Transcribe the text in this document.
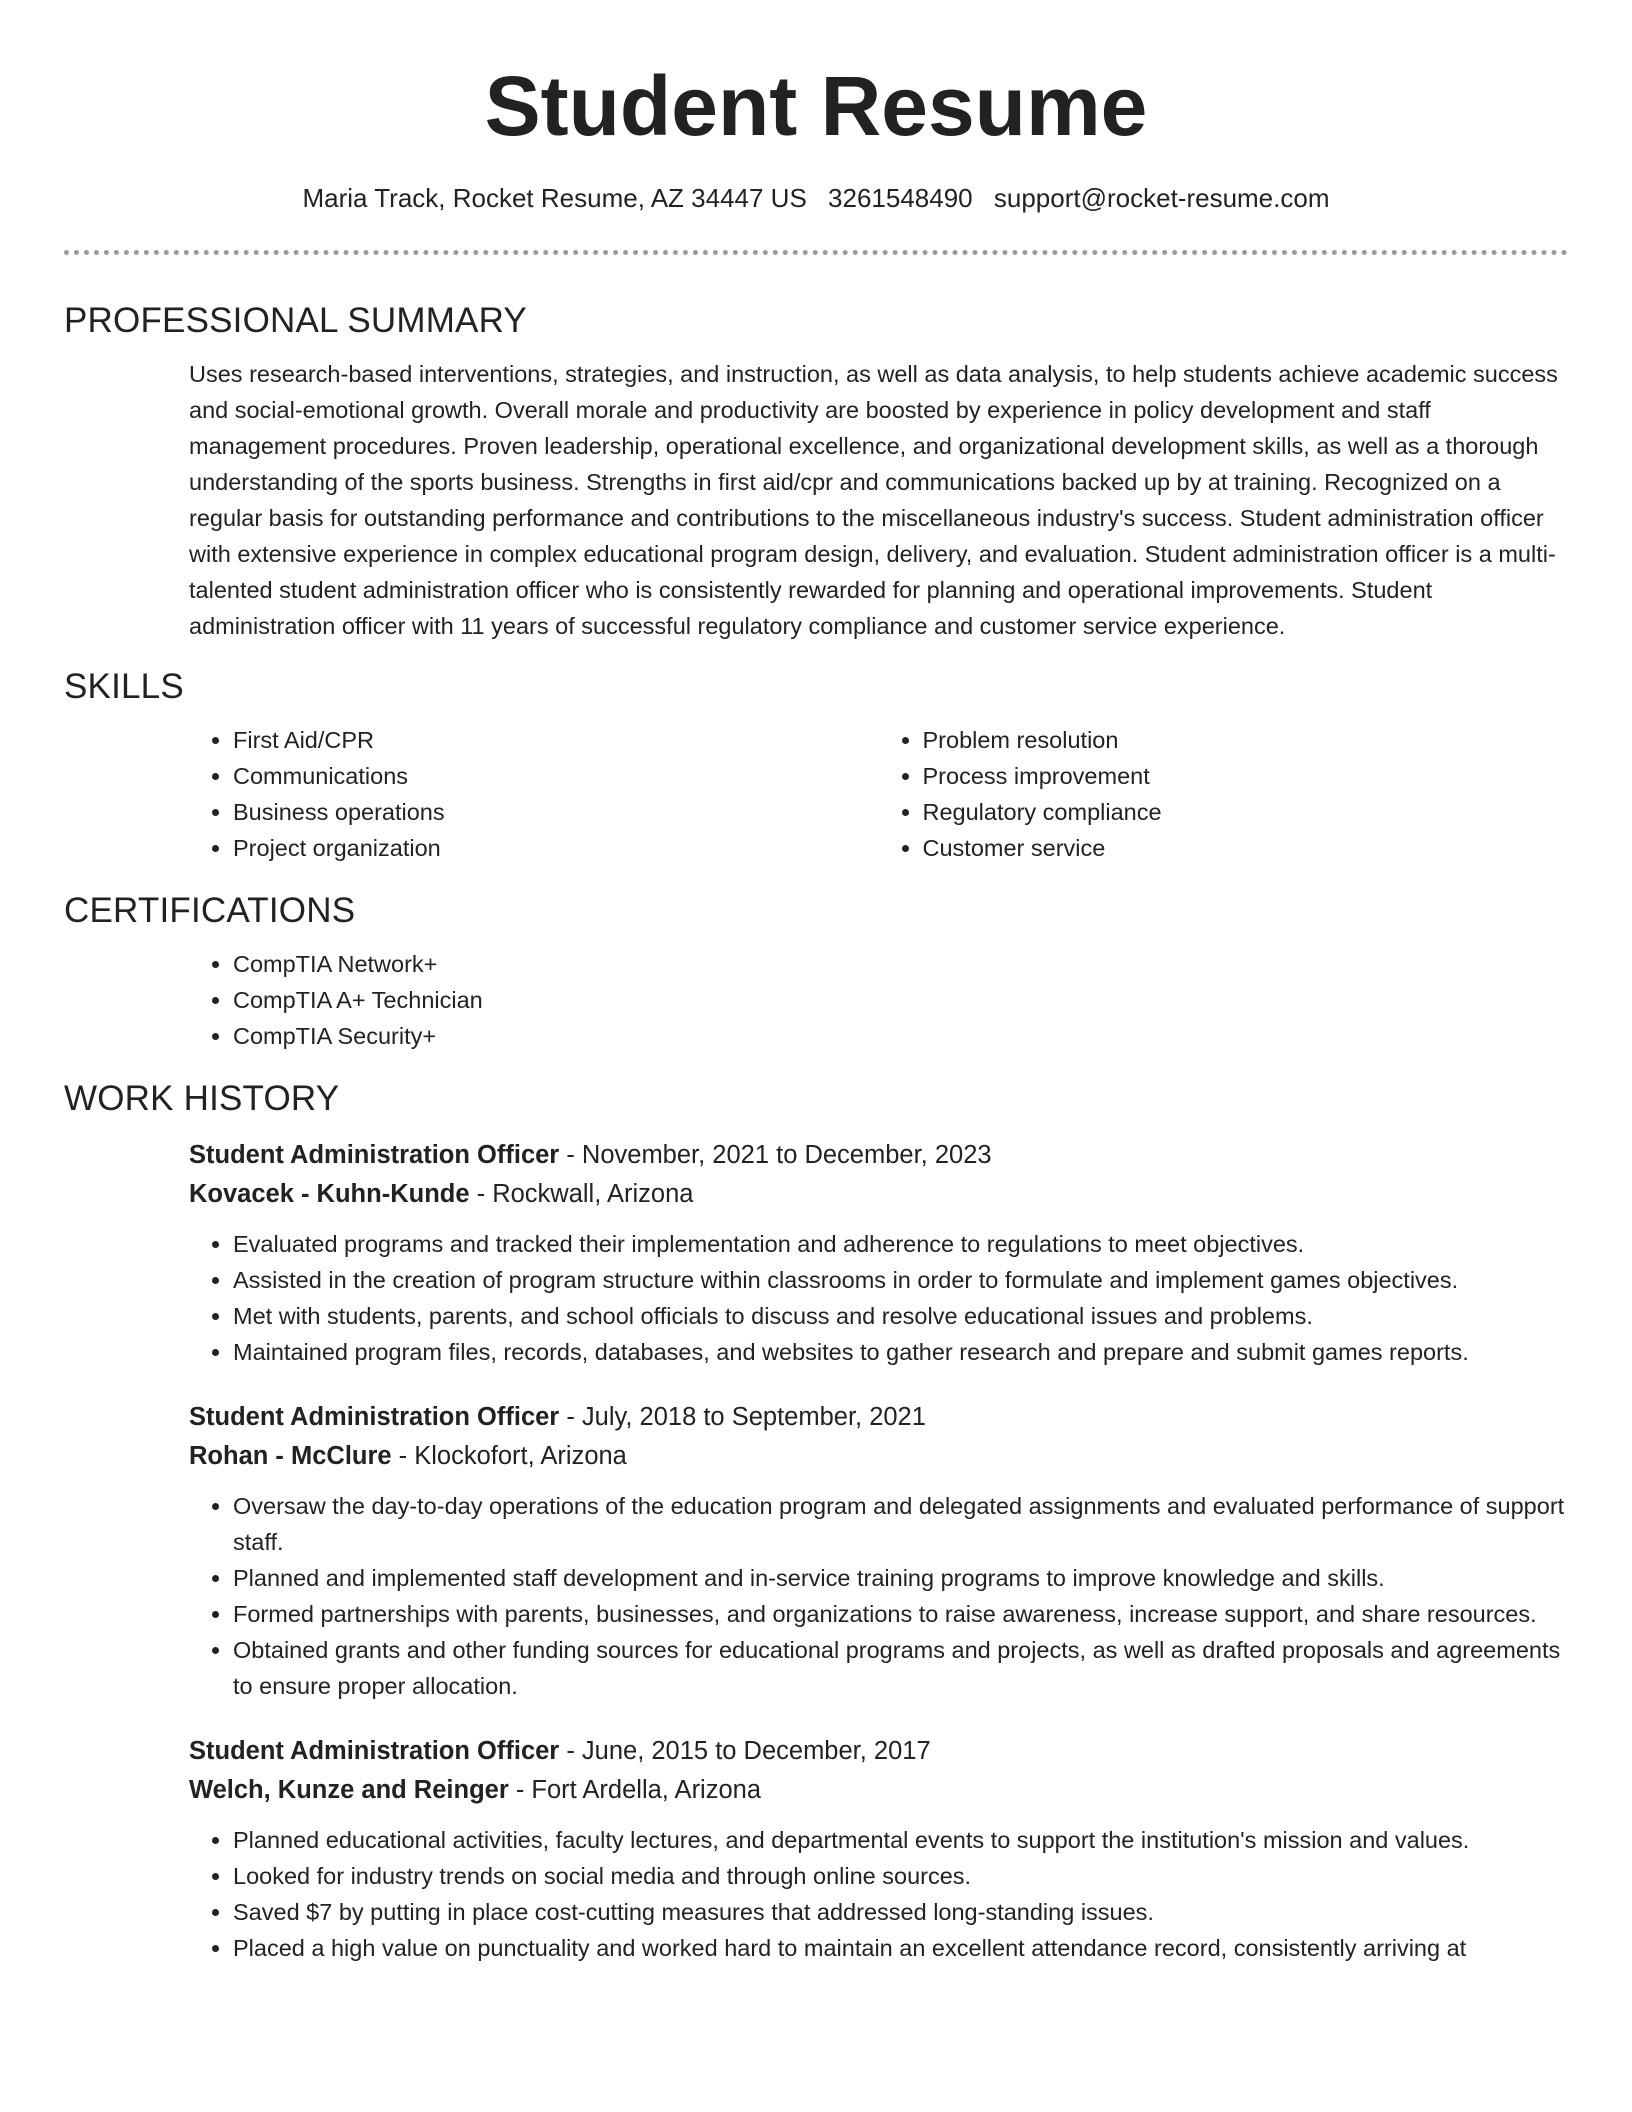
Student Resume
Maria Track, Rocket Resume, AZ 34447 US 3261548490 support@rocket-resume.com
PROFESSIONAL SUMMARY
Uses research-based interventions, strategies, and instruction, as well as data analysis, to help students achieve academic success and social-emotional growth. Overall morale and productivity are boosted by experience in policy development and staff management procedures. Proven leadership, operational excellence, and organizational development skills, as well as a thorough understanding of the sports business. Strengths in first aid/cpr and communications backed up by at training. Recognized on a regular basis for outstanding performance and contributions to the miscellaneous industry's success. Student administration officer with extensive experience in complex educational program design, delivery, and evaluation. Student administration officer is a multi-talented student administration officer who is consistently rewarded for planning and operational improvements. Student administration officer with 11 years of successful regulatory compliance and customer service experience.
SKILLS
• First Aid/CPR
• Communications
• Business operations
• Project organization
• Problem resolution
• Process improvement
• Regulatory compliance
• Customer service
CERTIFICATIONS
• CompTIA Network+
• CompTIA A+ Technician
• CompTIA Security+
WORK HISTORY
Student Administration Officer - November, 2021 to December, 2023
Kovacek - Kuhn-Kunde - Rockwall, Arizona
• Evaluated programs and tracked their implementation and adherence to regulations to meet objectives.
• Assisted in the creation of program structure within classrooms in order to formulate and implement games objectives.
• Met with students, parents, and school officials to discuss and resolve educational issues and problems.
• Maintained program files, records, databases, and websites to gather research and prepare and submit games reports.
Student Administration Officer - July, 2018 to September, 2021
Rohan - McClure - Klockofort, Arizona
• Oversaw the day-to-day operations of the education program and delegated assignments and evaluated performance of support staff.
• Planned and implemented staff development and in-service training programs to improve knowledge and skills.
• Formed partnerships with parents, businesses, and organizations to raise awareness, increase support, and share resources.
• Obtained grants and other funding sources for educational programs and projects, as well as drafted proposals and agreements to ensure proper allocation.
Student Administration Officer - June, 2015 to December, 2017
Welch, Kunze and Reinger - Fort Ardella, Arizona
• Planned educational activities, faculty lectures, and departmental events to support the institution's mission and values.
• Looked for industry trends on social media and through online sources.
• Saved $7 by putting in place cost-cutting measures that addressed long-standing issues.
• Placed a high value on punctuality and worked hard to maintain an excellent attendance record, consistently arriving at
